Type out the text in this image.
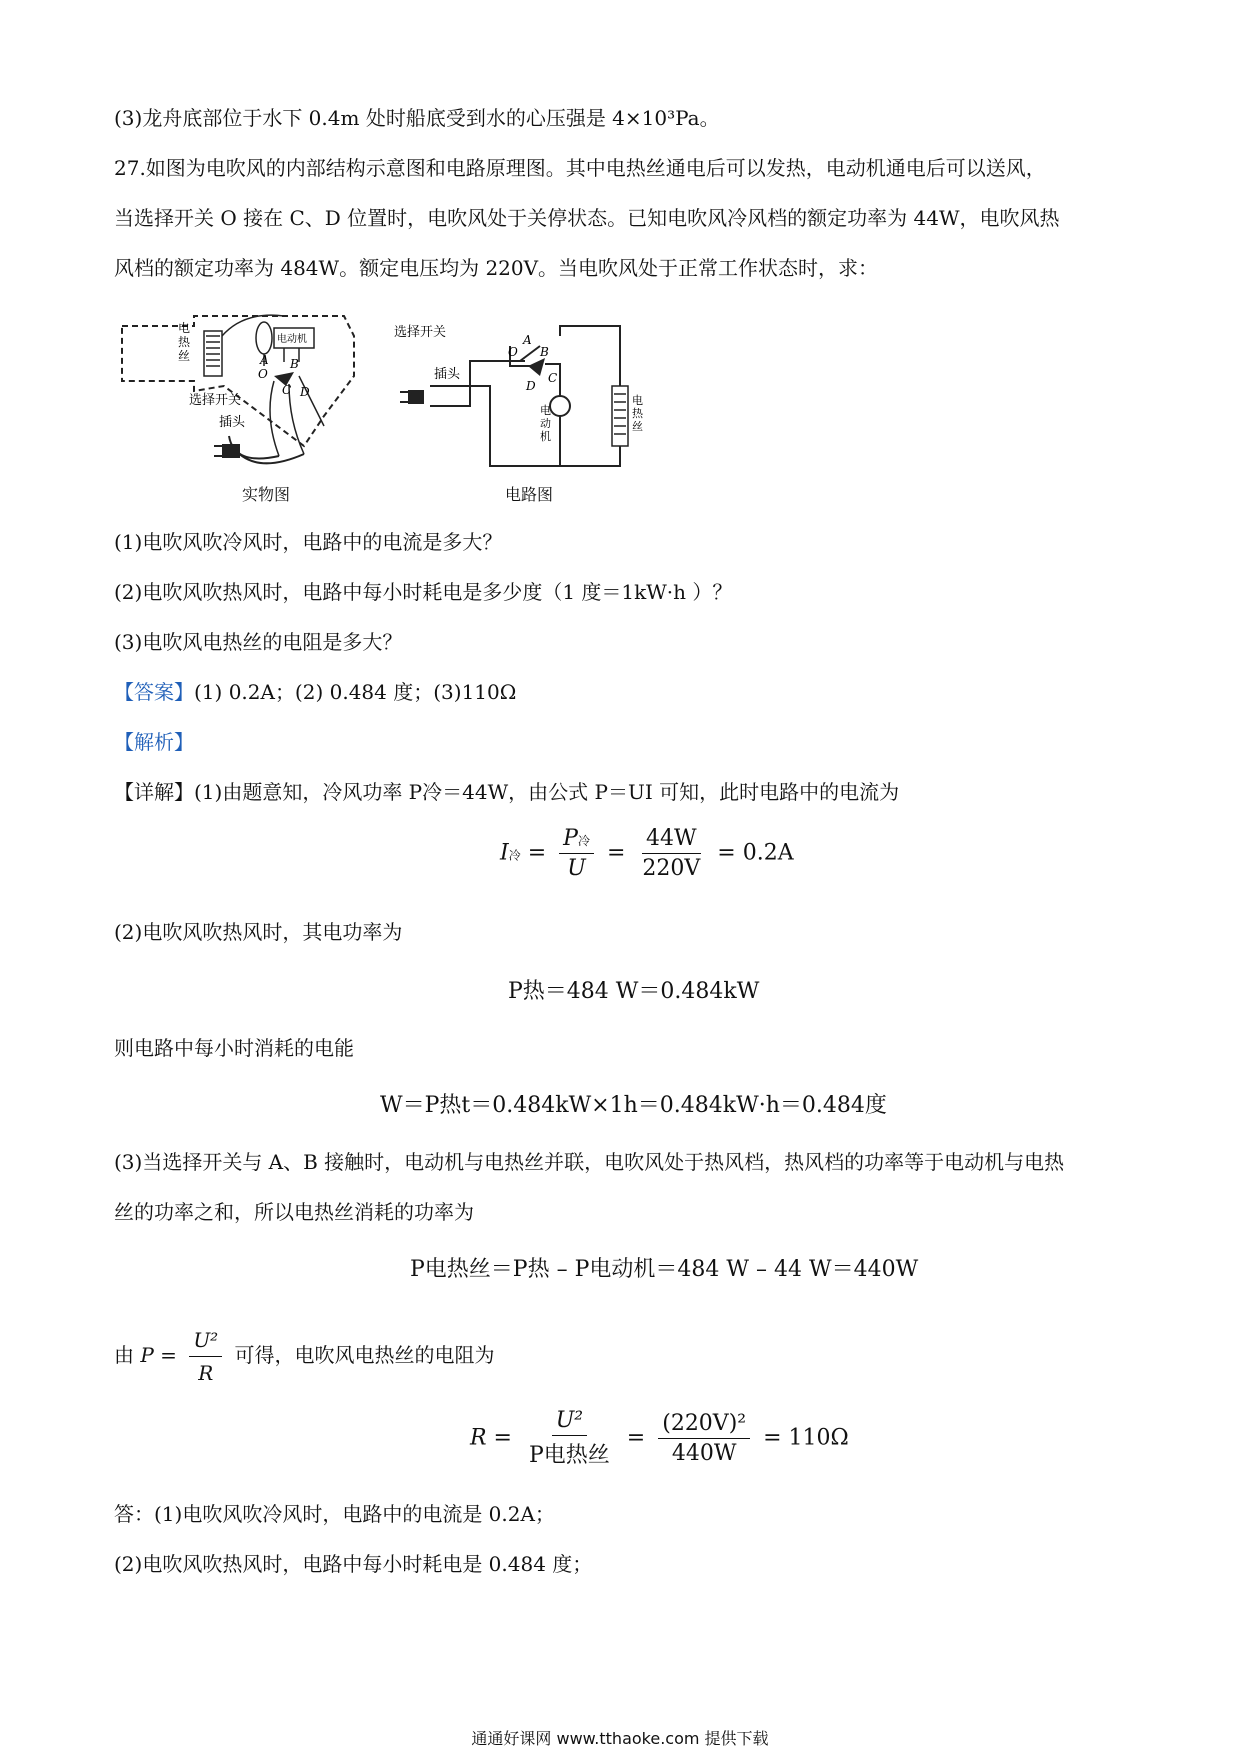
(3)龙舟底部位于水下 0.4m 处时船底受到水的心压强是 4×10³Pa。
27.如图为电吹风的内部结构示意图和电路原理图。其中电热丝通电后可以发热，电动机通电后可以送风，
当选择开关 O 接在 C、D 位置时，电吹风处于关停状态。已知电吹风冷风档的额定功率为 44W，电吹风热
风档的额定功率为 484W。额定电压均为 220V。当电吹风处于正常工作状态时，求：
电
热
丝
电动机
A B
O
C D
选择开关
插头
实物图
选择开关
O
A
B
C
D
插头
电
动
机
电
热
丝
电路图
(1)电吹风吹冷风时，电路中的电流是多大？
(2)电吹风吹热风时，电路中每小时耗电是多少度（1 度＝1kW·h ）？
(3)电吹风电热丝的电阻是多大？
【答案】(1) 0.2A；(2) 0.484 度；(3)110Ω
【解析】
【详解】(1)由题意知，冷风功率 P冷＝44W，由公式 P＝UI 可知，此时电路中的电流为
I冷 = $\frac{\text{P冷}}{U} = \frac{44W}{220V} = 0.2A$
(2)电吹风吹热风时，其电功率为
P热＝484 W＝0.484kW
则电路中每小时消耗的电能
W＝P热t＝0.484kW×1h＝0.484kW·h＝0.484度
(3)当选择开关与 A、B 接触时，电动机与电热丝并联，电吹风处于热风档，热风档的功率等于电动机与电热
丝的功率之和，所以电热丝消耗的功率为
P电热丝＝P热 – P电动机＝484 W – 44 W＝440W
由 $P = \frac{\text{U²}}{R}$ 可得，电吹风电热丝的电阻为
$R = \frac{\text{U²}}{\text{P电热丝}} = \frac{\text{(220V)²}}{440W} = 110\Omega$
答：(1)电吹风吹冷风时，电路中的电流是 0.2A；
(2)电吹风吹热风时，电路中每小时耗电是 0.484 度；
通通好课网 www.tthaoke.com 提供下载
